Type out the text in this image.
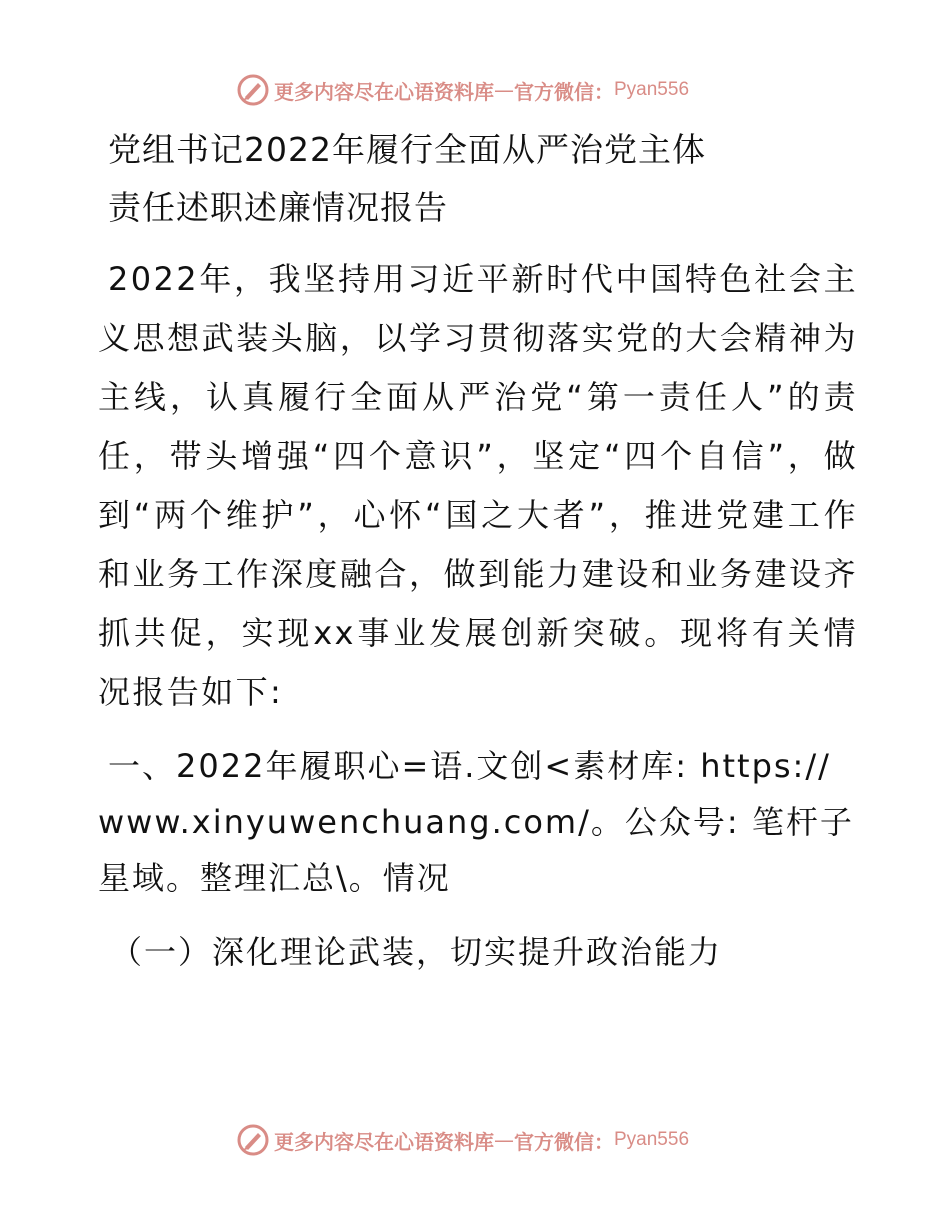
更多内容尽在心语资料库 — 官方微信： Pyan556

党组书记2022年履行全面从严治党主体

责任述职述廉情况报告

2022年，我坚持用习近平新时代中国特色社会主义思想武装头脑，以学习贯彻落实党的大会精神为主线，认真履行全面从严治党“第一责任人”的责任，带头增强“四个意识”，坚定“四个自信”，做到“两个维护”，心怀“国之大者”，推进党建工作和业务工作深度融合，做到能力建设和业务建设齐抓共促，实现xx事业发展创新突破。现将有关情况报告如下:

一、2022年履职心=语.文创<素材库: https:// www.xinyuwenchuang.com/。公众号: 笔杆子星域。整理汇总\。情况

（一）深化理论武装，切实提升政治能力

更多内容尽在心语资料库 — 官方微信： Pyan556
